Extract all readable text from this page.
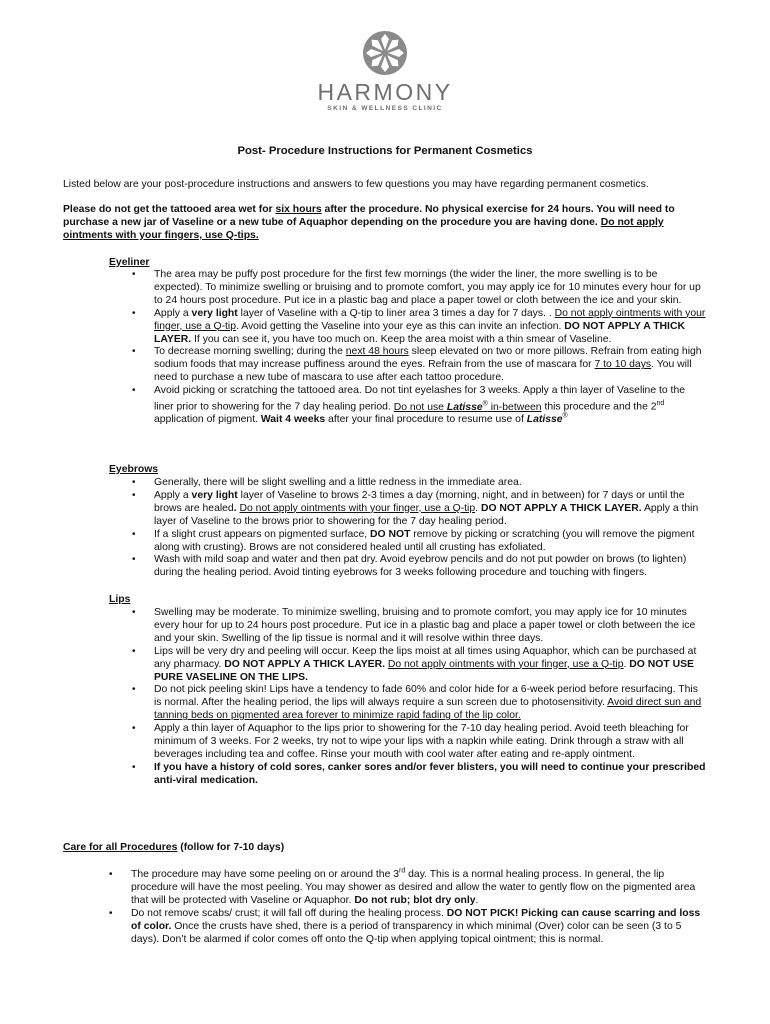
HARMONY
SKIN & WELLNESS CLINIC
Post- Procedure Instructions for Permanent Cosmetics
Listed below are your post-procedure instructions and answers to few questions you may have regarding permanent cosmetics.
Please do not get the tattooed area wet for six hours after the procedure. No physical exercise for 24 hours. You will need to purchase a new jar of Vaseline or a new tube of Aquaphor depending on the procedure you are having done. Do not apply ointments with your fingers, use Q-tips.
Eyeliner
• The area may be puffy post procedure for the first few mornings (the wider the liner, the more swelling is to be expected). To minimize swelling or bruising and to promote comfort, you may apply ice for 10 minutes every hour for up to 24 hours post procedure. Put ice in a plastic bag and place a paper towel or cloth between the ice and your skin.
• Apply a very light layer of Vaseline with a Q-tip to liner area 3 times a day for 7 days. . Do not apply ointments with your finger, use a Q-tip. Avoid getting the Vaseline into your eye as this can invite an infection. DO NOT APPLY A THICK LAYER. If you can see it, you have too much on. Keep the area moist with a thin smear of Vaseline.
• To decrease morning swelling; during the next 48 hours sleep elevated on two or more pillows. Refrain from eating high sodium foods that may increase puffiness around the eyes. Refrain from the use of mascara for 7 to 10 days. You will need to purchase a new tube of mascara to use after each tattoo procedure.
• Avoid picking or scratching the tattooed area. Do not tint eyelashes for 3 weeks. Apply a thin layer of Vaseline to the liner prior to showering for the 7 day healing period. Do not use Latisse® in-between this procedure and the 2nd application of pigment. Wait 4 weeks after your final procedure to resume use of Latisse®
Eyebrows
• Generally, there will be slight swelling and a little redness in the immediate area.
• Apply a very light layer of Vaseline to brows 2-3 times a day (morning, night, and in between) for 7 days or until the brows are healed. Do not apply ointments with your finger, use a Q-tip. DO NOT APPLY A THICK LAYER. Apply a thin layer of Vaseline to the brows prior to showering for the 7 day healing period.
• If a slight crust appears on pigmented surface, DO NOT remove by picking or scratching (you will remove the pigment along with crusting). Brows are not considered healed until all crusting has exfoliated.
• Wash with mild soap and water and then pat dry. Avoid eyebrow pencils and do not put powder on brows (to lighten) during the healing period. Avoid tinting eyebrows for 3 weeks following procedure and touching with fingers.
Lips
• Swelling may be moderate. To minimize swelling, bruising and to promote comfort, you may apply ice for 10 minutes every hour for up to 24 hours post procedure. Put ice in a plastic bag and place a paper towel or cloth between the ice and your skin. Swelling of the lip tissue is normal and it will resolve within three days.
• Lips will be very dry and peeling will occur. Keep the lips moist at all times using Aquaphor, which can be purchased at any pharmacy. DO NOT APPLY A THICK LAYER. Do not apply ointments with your finger, use a Q-tip. DO NOT USE PURE VASELINE ON THE LIPS.
• Do not pick peeling skin! Lips have a tendency to fade 60% and color hide for a 6-week period before resurfacing. This is normal. After the healing period, the lips will always require a sun screen due to photosensitivity. Avoid direct sun and tanning beds on pigmented area forever to minimize rapid fading of the lip color.
• Apply a thin layer of Aquaphor to the lips prior to showering for the 7-10 day healing period. Avoid teeth bleaching for minimum of 3 weeks. For 2 weeks, try not to wipe your lips with a napkin while eating. Drink through a straw with all beverages including tea and coffee. Rinse your mouth with cool water after eating and re-apply ointment.
• If you have a history of cold sores, canker sores and/or fever blisters, you will need to continue your prescribed anti-viral medication.
Care for all Procedures (follow for 7-10 days)
• The procedure may have some peeling on or around the 3rd day. This is a normal healing process. In general, the lip procedure will have the most peeling. You may shower as desired and allow the water to gently flow on the pigmented area that will be protected with Vaseline or Aquaphor. Do not rub; blot dry only.
• Do not remove scabs/ crust; it will fall off during the healing process. DO NOT PICK! Picking can cause scarring and loss of color. Once the crusts have shed, there is a period of transparency in which minimal (Over) color can be seen (3 to 5 days). Don’t be alarmed if color comes off onto the Q-tip when applying topical ointment; this is normal.
